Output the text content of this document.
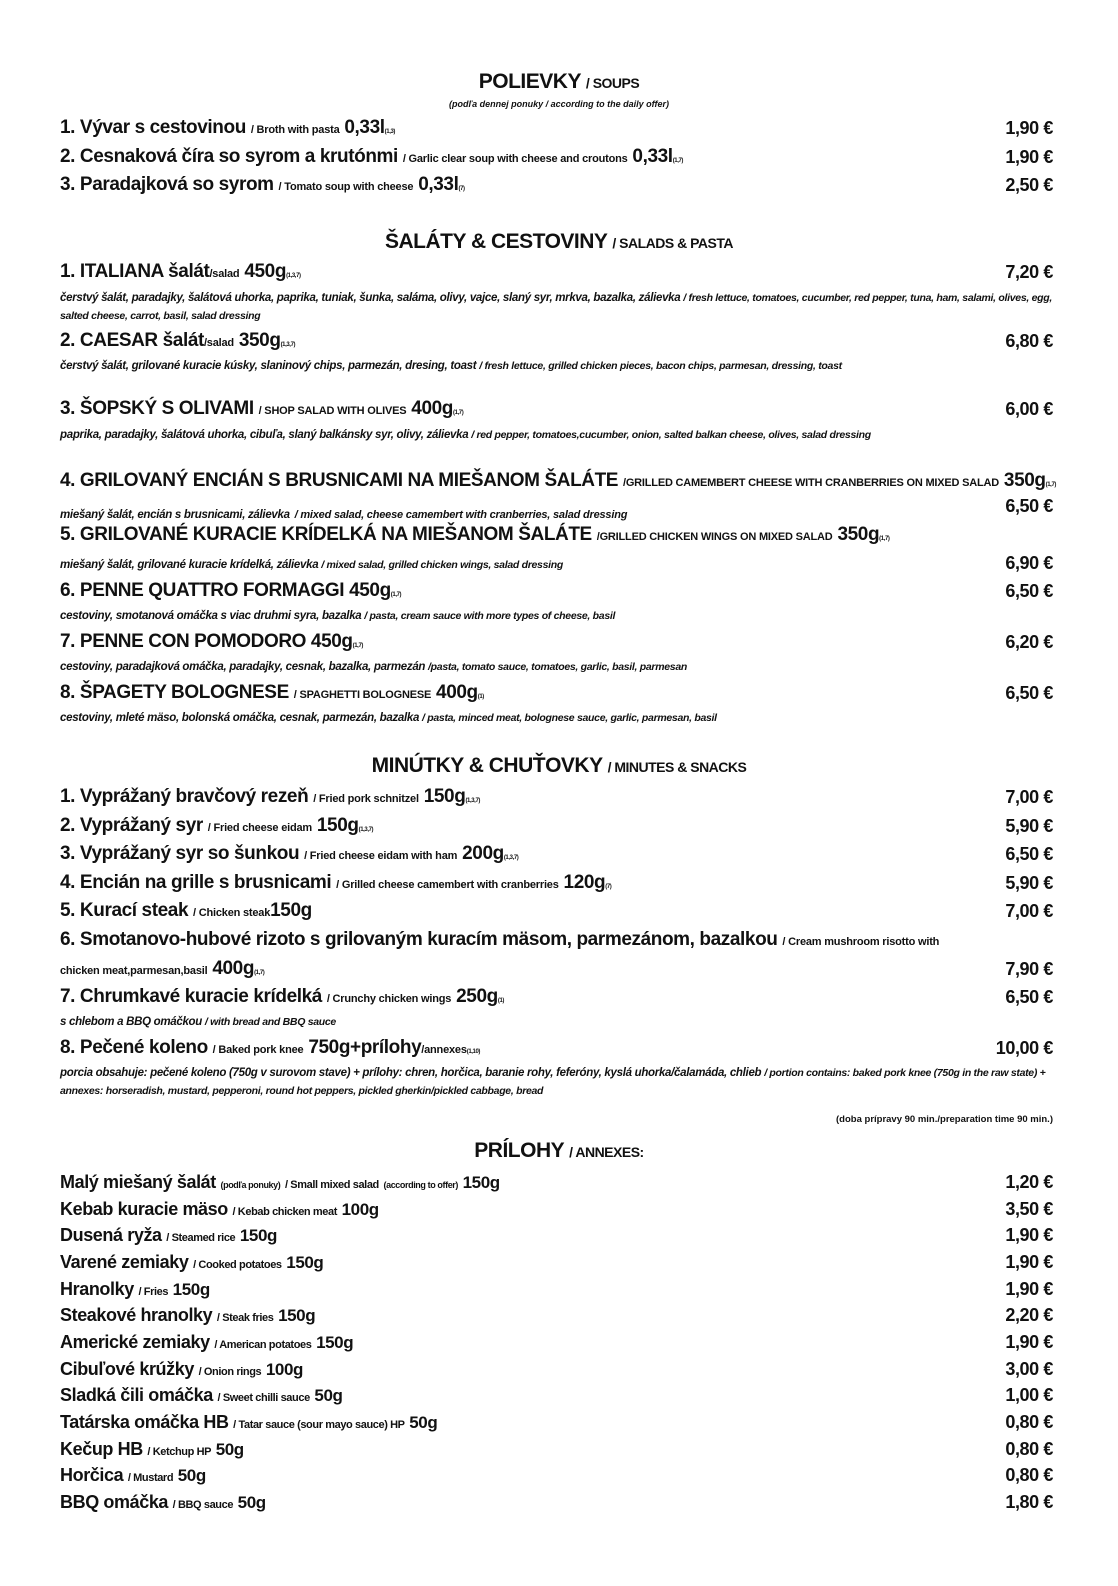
POLIEVKY / SOUPS
(podľa dennej ponuky / according to the daily offer)
1. Vývar s cestovinou / Broth with pasta 0,33l(1,3)	1,90 €
2. Cesnaková číra so syrom a krutónmi / Garlic clear soup with cheese and croutons 0,33l(1,7)	1,90 €
3. Paradajková so syrom / Tomato soup with cheese 0,33l(7)	2,50 €
ŠALÁTY & CESTOVINY / SALADS & PASTA
1. ITALIANA šalát/salad 450g(1,3,7)	7,20 €
čerstvý šalát, paradajky, šalátová uhorka, paprika, tuniak, šunka, saláma, olivy, vajce, slaný syr, mrkva, bazalka, zálievka / fresh lettuce, tomatoes, cucumber, red pepper, tuna, ham, salami, olives, egg, salted cheese, carrot, basil, salad dressing
2. CAESAR šalát/salad 350g(1,3,7)	6,80 €
čerstvý šalát, grilované kuracie kúsky, slaninový chips, parmezán, dresing, toast / fresh lettuce, grilled chicken pieces, bacon chips, parmesan, dressing, toast
3. ŠOPSKÝ S OLIVAMI / SHOP SALAD WITH OLIVES 400g(1,7)	6,00 €
paprika, paradajky, šalátová uhorka, cibuľa, slaný balkánsky syr, olivy, zálievka / red pepper, tomatoes,cucumber, onion, salted balkan cheese, olives, salad dressing
4. GRILOVANÝ ENCIÁN S BRUSNICAMI NA MIEŠANOM ŠALÁTE /GRILLED CAMEMBERT CHEESE WITH CRANBERRIES ON MIXED SALAD 350g(1,7) miešaný šalát, encián s brusnicami, zálievka / mixed salad, cheese camembert with cranberries, salad dressing	6,50 €
5. GRILOVANÉ KURACIE KRÍDELKÁ NA MIEŠANOM ŠALÁTE /GRILLED CHICKEN WINGS ON MIXED SALAD 350g(1,7)
miešaný šalát, grilované kuracie krídelká, zálievka / mixed salad, grilled chicken wings, salad dressing	6,90 €
6. PENNE QUATTRO FORMAGGI 450g(1,7)	6,50 €
cestoviny, smotanová omáčka s viac druhmi syra, bazalka / pasta, cream sauce with more types of cheese, basil
7. PENNE CON POMODORO 450g(1,7)	6,20 €
cestoviny, paradajková omáčka, paradajky, cesnak, bazalka, parmezán /pasta, tomato sauce, tomatoes, garlic, basil, parmesan
8. ŠPAGETY BOLOGNESE / SPAGHETTI BOLOGNESE 400g(1)	6,50 €
cestoviny, mleté mäso, bolonská omáčka, cesnak, parmezán, bazalka / pasta, minced meat, bolognese sauce, garlic, parmesan, basil
MINÚTKY & CHUŤOVKY / MINUTES & SNACKS
1. Vyprážaný bravčový rezeň / Fried pork schnitzel 150g(1,3,7)	7,00 €
2. Vyprážaný syr / Fried cheese eidam 150g(1,3,7)	5,90 €
3. Vyprážaný syr so šunkou / Fried cheese eidam with ham 200g(1,3,7)	6,50 €
4. Encián na grille s brusnicami / Grilled cheese camembert with cranberries 120g(7)	5,90 €
5. Kurací steak / Chicken steak150g	7,00 €
6. Smotanovo-hubové rizoto s grilovaným kuracím mäsom, parmezánom, bazalkou / Cream mushroom risotto with
chicken meat,parmesan,basil 400g(1,7)	7,90 €
7. Chrumkavé kuracie krídelká / Crunchy chicken wings 250g(1)	6,50 €
s chlebom a BBQ omáčkou / with bread and BBQ sauce
8. Pečené koleno / Baked pork knee 750g+prílohy/annexes(1,10)	10,00 €
porcia obsahuje: pečené koleno (750g v surovom stave) + prílohy: chren, horčica, baranie rohy, feferóny, kyslá uhorka/čalamáda, chlieb / portion contains: baked pork knee (750g in the raw state) + annexes: horseradish, mustard, pepperoni, round hot peppers, pickled gherkin/pickled cabbage, bread
(doba prípravy 90 min./preparation time 90 min.)
PRÍLOHY / ANNEXES:
Malý miešaný šalát (podľa ponuky) / Small mixed salad (according to offer) 150g	1,20 €
Kebab kuracie mäso / Kebab chicken meat 100g	3,50 €
Dusená ryža / Steamed rice 150g	1,90 €
Varené zemiaky / Cooked potatoes 150g	1,90 €
Hranolky / Fries 150g	1,90 €
Steakové hranolky / Steak fries 150g	2,20 €
Americké zemiaky / American potatoes 150g	1,90 €
Cibuľové krúžky / Onion rings 100g	3,00 €
Sladká čili omáčka / Sweet chilli sauce 50g	1,00 €
Tatárska omáčka HB / Tatar sauce (sour mayo sauce) HP 50g	0,80 €
Kečup HB / Ketchup HP 50g	0,80 €
Horčica / Mustard 50g	0,80 €
BBQ omáčka / BBQ sauce 50g	1,80 €
